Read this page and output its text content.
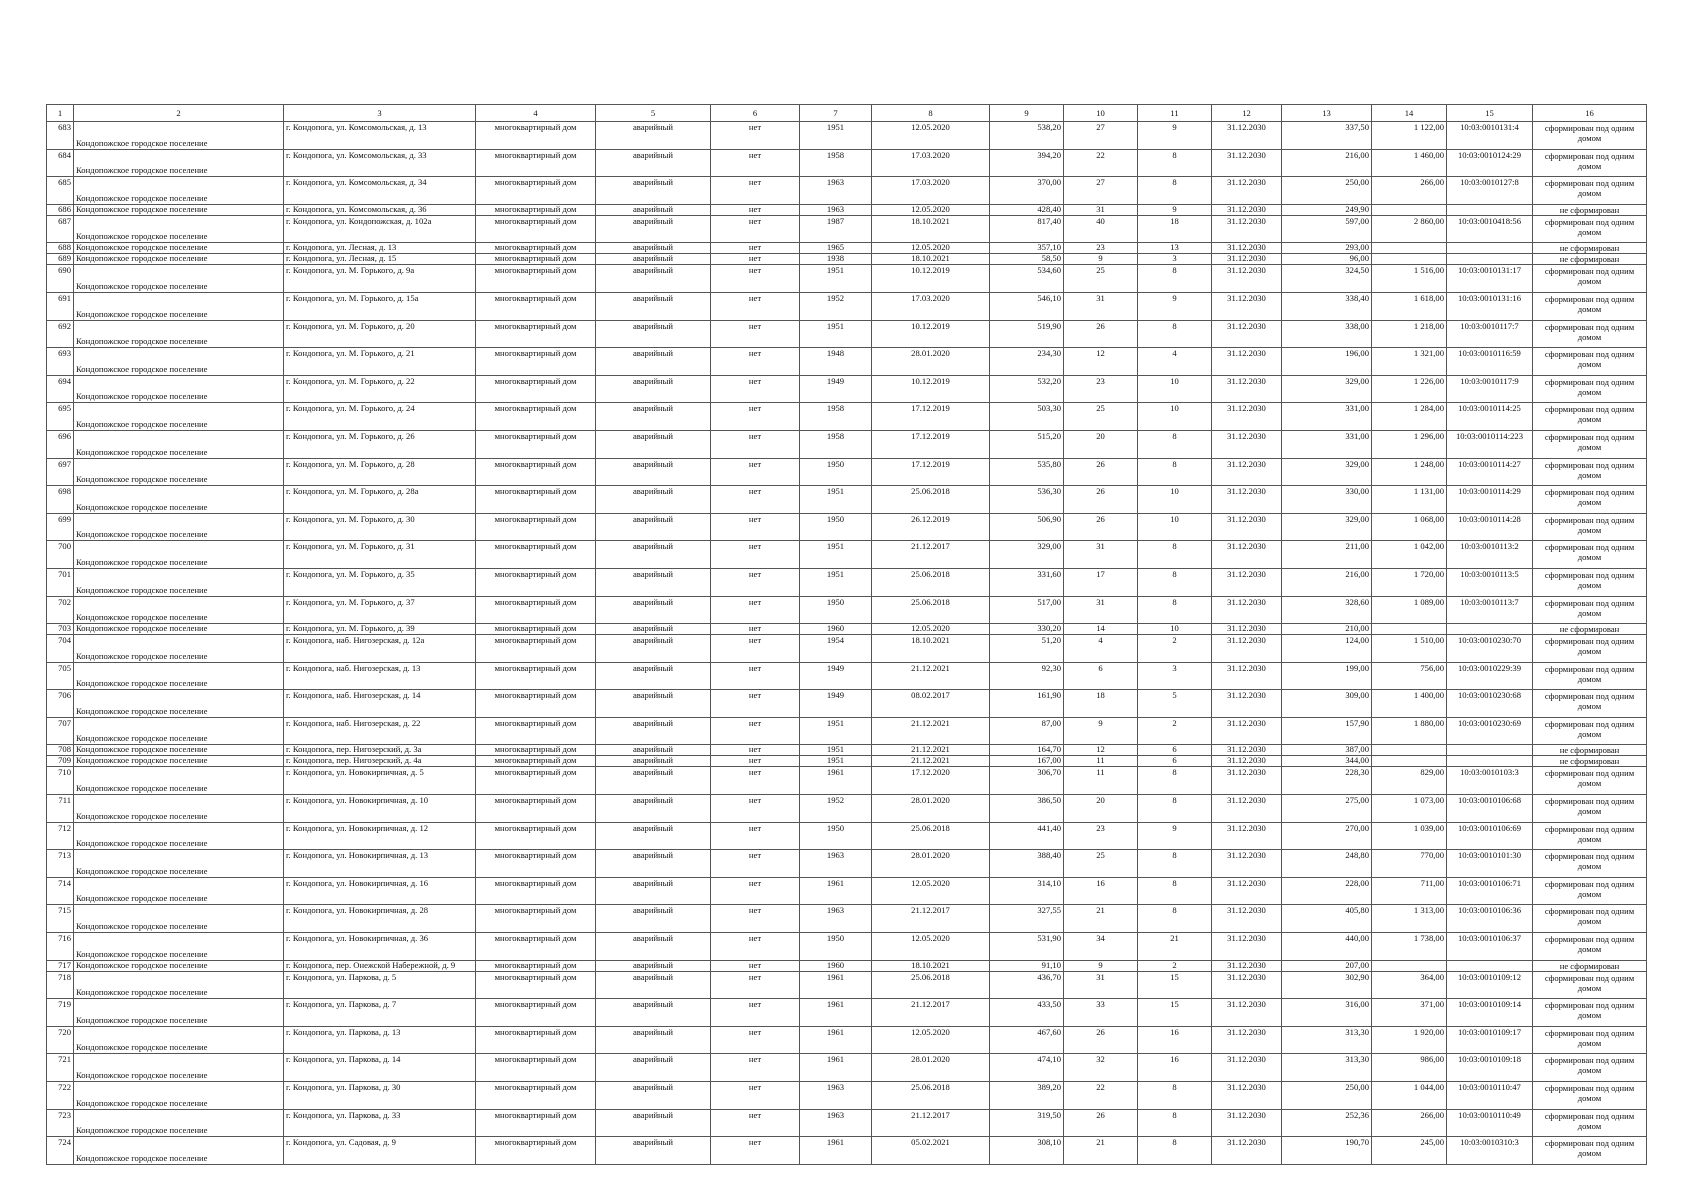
1	2	3	4	5	6	7	8	9	10	11	12	13	14	15	16
683	Кондопожское городское поселение	г. Кондопога, ул. Комсомольская, д. 13	многоквартирный дом	аварийный	нет	1951	12.05.2020	538,20	27	9	31.12.2030	337,50	1 122,00	10:03:0010131:4	сформирован под одним домом
684	Кондопожское городское поселение	г. Кондопога, ул. Комсомольская, д. 33	многоквартирный дом	аварийный	нет	1958	17.03.2020	394,20	22	8	31.12.2030	216,00	1 460,00	10:03:0010124:29	сформирован под одним домом
685	Кондопожское городское поселение	г. Кондопога, ул. Комсомольская, д. 34	многоквартирный дом	аварийный	нет	1963	17.03.2020	370,00	27	8	31.12.2030	250,00	266,00	10:03:0010127:8	сформирован под одним домом
686	Кондопожское городское поселение	г. Кондопога, ул. Комсомольская, д. 36	многоквартирный дом	аварийный	нет	1963	12.05.2020	428,40	31	9	31.12.2030	249,90			не сформирован
687	Кондопожское городское поселение	г. Кондопога, ул. Кондопожская, д. 102а	многоквартирный дом	аварийный	нет	1987	18.10.2021	817,40	40	18	31.12.2030	597,00	2 860,00	10:03:0010418:56	сформирован под одним домом
688	Кондопожское городское поселение	г. Кондопога, ул. Лесная, д. 13	многоквартирный дом	аварийный	нет	1965	12.05.2020	357,10	23	13	31.12.2030	293,00			не сформирован
689	Кондопожское городское поселение	г. Кондопога, ул. Лесная, д. 15	многоквартирный дом	аварийный	нет	1938	18.10.2021	58,50	9	3	31.12.2030	96,00			не сформирован
690	Кондопожское городское поселение	г. Кондопога, ул. М. Горького, д. 9а	многоквартирный дом	аварийный	нет	1951	10.12.2019	534,60	25	8	31.12.2030	324,50	1 516,00	10:03:0010131:17	сформирован под одним домом
691	Кондопожское городское поселение	г. Кондопога, ул. М. Горького, д. 15а	многоквартирный дом	аварийный	нет	1952	17.03.2020	546,10	31	9	31.12.2030	338,40	1 618,00	10:03:0010131:16	сформирован под одним домом
692	Кондопожское городское поселение	г. Кондопога, ул. М. Горького, д. 20	многоквартирный дом	аварийный	нет	1951	10.12.2019	519,90	26	8	31.12.2030	338,00	1 218,00	10:03:0010117:7	сформирован под одним домом
693	Кондопожское городское поселение	г. Кондопога, ул. М. Горького, д. 21	многоквартирный дом	аварийный	нет	1948	28.01.2020	234,30	12	4	31.12.2030	196,00	1 321,00	10:03:0010116:59	сформирован под одним домом
694	Кондопожское городское поселение	г. Кондопога, ул. М. Горького, д. 22	многоквартирный дом	аварийный	нет	1949	10.12.2019	532,20	23	10	31.12.2030	329,00	1 226,00	10:03:0010117:9	сформирован под одним домом
695	Кондопожское городское поселение	г. Кондопога, ул. М. Горького, д. 24	многоквартирный дом	аварийный	нет	1958	17.12.2019	503,30	25	10	31.12.2030	331,00	1 284,00	10:03:0010114:25	сформирован под одним домом
696	Кондопожское городское поселение	г. Кондопога, ул. М. Горького, д. 26	многоквартирный дом	аварийный	нет	1958	17.12.2019	515,20	20	8	31.12.2030	331,00	1 296,00	10:03:0010114:223	сформирован под одним домом
697	Кондопожское городское поселение	г. Кондопога, ул. М. Горького, д. 28	многоквартирный дом	аварийный	нет	1950	17.12.2019	535,80	26	8	31.12.2030	329,00	1 248,00	10:03:0010114:27	сформирован под одним домом
698	Кондопожское городское поселение	г. Кондопога, ул. М. Горького, д. 28а	многоквартирный дом	аварийный	нет	1951	25.06.2018	536,30	26	10	31.12.2030	330,00	1 131,00	10:03:0010114:29	сформирован под одним домом
699	Кондопожское городское поселение	г. Кондопога, ул. М. Горького, д. 30	многоквартирный дом	аварийный	нет	1950	26.12.2019	506,90	26	10	31.12.2030	329,00	1 068,00	10:03:0010114:28	сформирован под одним домом
700	Кондопожское городское поселение	г. Кондопога, ул. М. Горького, д. 31	многоквартирный дом	аварийный	нет	1951	21.12.2017	329,00	31	8	31.12.2030	211,00	1 042,00	10:03:0010113:2	сформирован под одним домом
701	Кондопожское городское поселение	г. Кондопога, ул. М. Горького, д. 35	многоквартирный дом	аварийный	нет	1951	25.06.2018	331,60	17	8	31.12.2030	216,00	1 720,00	10:03:0010113:5	сформирован под одним домом
702	Кондопожское городское поселение	г. Кондопога, ул. М. Горького, д. 37	многоквартирный дом	аварийный	нет	1950	25.06.2018	517,00	31	8	31.12.2030	328,60	1 089,00	10:03:0010113:7	сформирован под одним домом
703	Кондопожское городское поселение	г. Кондопога, ул. М. Горького, д. 39	многоквартирный дом	аварийный	нет	1960	12.05.2020	330,20	14	10	31.12.2030	210,00			не сформирован
704	Кондопожское городское поселение	г. Кондопога, наб. Нигозерская, д. 12а	многоквартирный дом	аварийный	нет	1954	18.10.2021	51,20	4	2	31.12.2030	124,00	1 510,00	10:03:0010230:70	сформирован под одним домом
705	Кондопожское городское поселение	г. Кондопога, наб. Нигозерская, д. 13	многоквартирный дом	аварийный	нет	1949	21.12.2021	92,30	6	3	31.12.2030	199,00	756,00	10:03:0010229:39	сформирован под одним домом
706	Кондопожское городское поселение	г. Кондопога, наб. Нигозерская, д. 14	многоквартирный дом	аварийный	нет	1949	08.02.2017	161,90	18	5	31.12.2030	309,00	1 400,00	10:03:0010230:68	сформирован под одним домом
707	Кондопожское городское поселение	г. Кондопога, наб. Нигозерская, д. 22	многоквартирный дом	аварийный	нет	1951	21.12.2021	87,00	9	2	31.12.2030	157,90	1 880,00	10:03:0010230:69	сформирован под одним домом
708	Кондопожское городское поселение	г. Кондопога, пер. Нигозерский, д. 3а	многоквартирный дом	аварийный	нет	1951	21.12.2021	164,70	12	6	31.12.2030	387,00			не сформирован
709	Кондопожское городское поселение	г. Кондопога, пер. Нигозерский, д. 4а	многоквартирный дом	аварийный	нет	1951	21.12.2021	167,00	11	6	31.12.2030	344,00			не сформирован
710	Кондопожское городское поселение	г. Кондопога, ул. Новокирпичная, д. 5	многоквартирный дом	аварийный	нет	1961	17.12.2020	306,70	11	8	31.12.2030	228,30	829,00	10:03:0010103:3	сформирован под одним домом
711	Кондопожское городское поселение	г. Кондопога, ул. Новокирпичная, д. 10	многоквартирный дом	аварийный	нет	1952	28.01.2020	386,50	20	8	31.12.2030	275,00	1 073,00	10:03:0010106:68	сформирован под одним домом
712	Кондопожское городское поселение	г. Кондопога, ул. Новокирпичная, д. 12	многоквартирный дом	аварийный	нет	1950	25.06.2018	441,40	23	9	31.12.2030	270,00	1 039,00	10:03:0010106:69	сформирован под одним домом
713	Кондопожское городское поселение	г. Кондопога, ул. Новокирпичная, д. 13	многоквартирный дом	аварийный	нет	1963	28.01.2020	388,40	25	8	31.12.2030	248,80	770,00	10:03:0010101:30	сформирован под одним домом
714	Кондопожское городское поселение	г. Кондопога, ул. Новокирпичная, д. 16	многоквартирный дом	аварийный	нет	1961	12.05.2020	314,10	16	8	31.12.2030	228,00	711,00	10:03:0010106:71	сформирован под одним домом
715	Кондопожское городское поселение	г. Кондопога, ул. Новокирпичная, д. 28	многоквартирный дом	аварийный	нет	1963	21.12.2017	327,55	21	8	31.12.2030	405,80	1 313,00	10:03:0010106:36	сформирован под одним домом
716	Кондопожское городское поселение	г. Кондопога, ул. Новокирпичная, д. 36	многоквартирный дом	аварийный	нет	1950	12.05.2020	531,90	34	21	31.12.2030	440,00	1 738,00	10:03:0010106:37	сформирован под одним домом
717	Кондопожское городское поселение	г. Кондопога, пер. Онежской Набережной, д. 9	многоквартирный дом	аварийный	нет	1960	18.10.2021	91,10	9	2	31.12.2030	207,00			не сформирован
718	Кондопожское городское поселение	г. Кондопога, ул. Паркова, д. 5	многоквартирный дом	аварийный	нет	1961	25.06.2018	436,70	31	15	31.12.2030	302,90	364,00	10:03:0010109:12	сформирован под одним домом
719	Кондопожское городское поселение	г. Кондопога, ул. Паркова, д. 7	многоквартирный дом	аварийный	нет	1961	21.12.2017	433,50	33	15	31.12.2030	316,00	371,00	10:03:0010109:14	сформирован под одним домом
720	Кондопожское городское поселение	г. Кондопога, ул. Паркова, д. 13	многоквартирный дом	аварийный	нет	1961	12.05.2020	467,60	26	16	31.12.2030	313,30	1 920,00	10:03:0010109:17	сформирован под одним домом
721	Кондопожское городское поселение	г. Кондопога, ул. Паркова, д. 14	многоквартирный дом	аварийный	нет	1961	28.01.2020	474,10	32	16	31.12.2030	313,30	986,00	10:03:0010109:18	сформирован под одним домом
722	Кондопожское городское поселение	г. Кондопога, ул. Паркова, д. 30	многоквартирный дом	аварийный	нет	1963	25.06.2018	389,20	22	8	31.12.2030	250,00	1 044,00	10:03:0010110:47	сформирован под одним домом
723	Кондопожское городское поселение	г. Кондопога, ул. Паркова, д. 33	многоквартирный дом	аварийный	нет	1963	21.12.2017	319,50	26	8	31.12.2030	252,36	266,00	10:03:0010110:49	сформирован под одним домом
724	Кондопожское городское поселение	г. Кондопога, ул. Садовая, д. 9	многоквартирный дом	аварийный	нет	1961	05.02.2021	308,10	21	8	31.12.2030	190,70	245,00	10:03:0010310:3	сформирован под одним домом
